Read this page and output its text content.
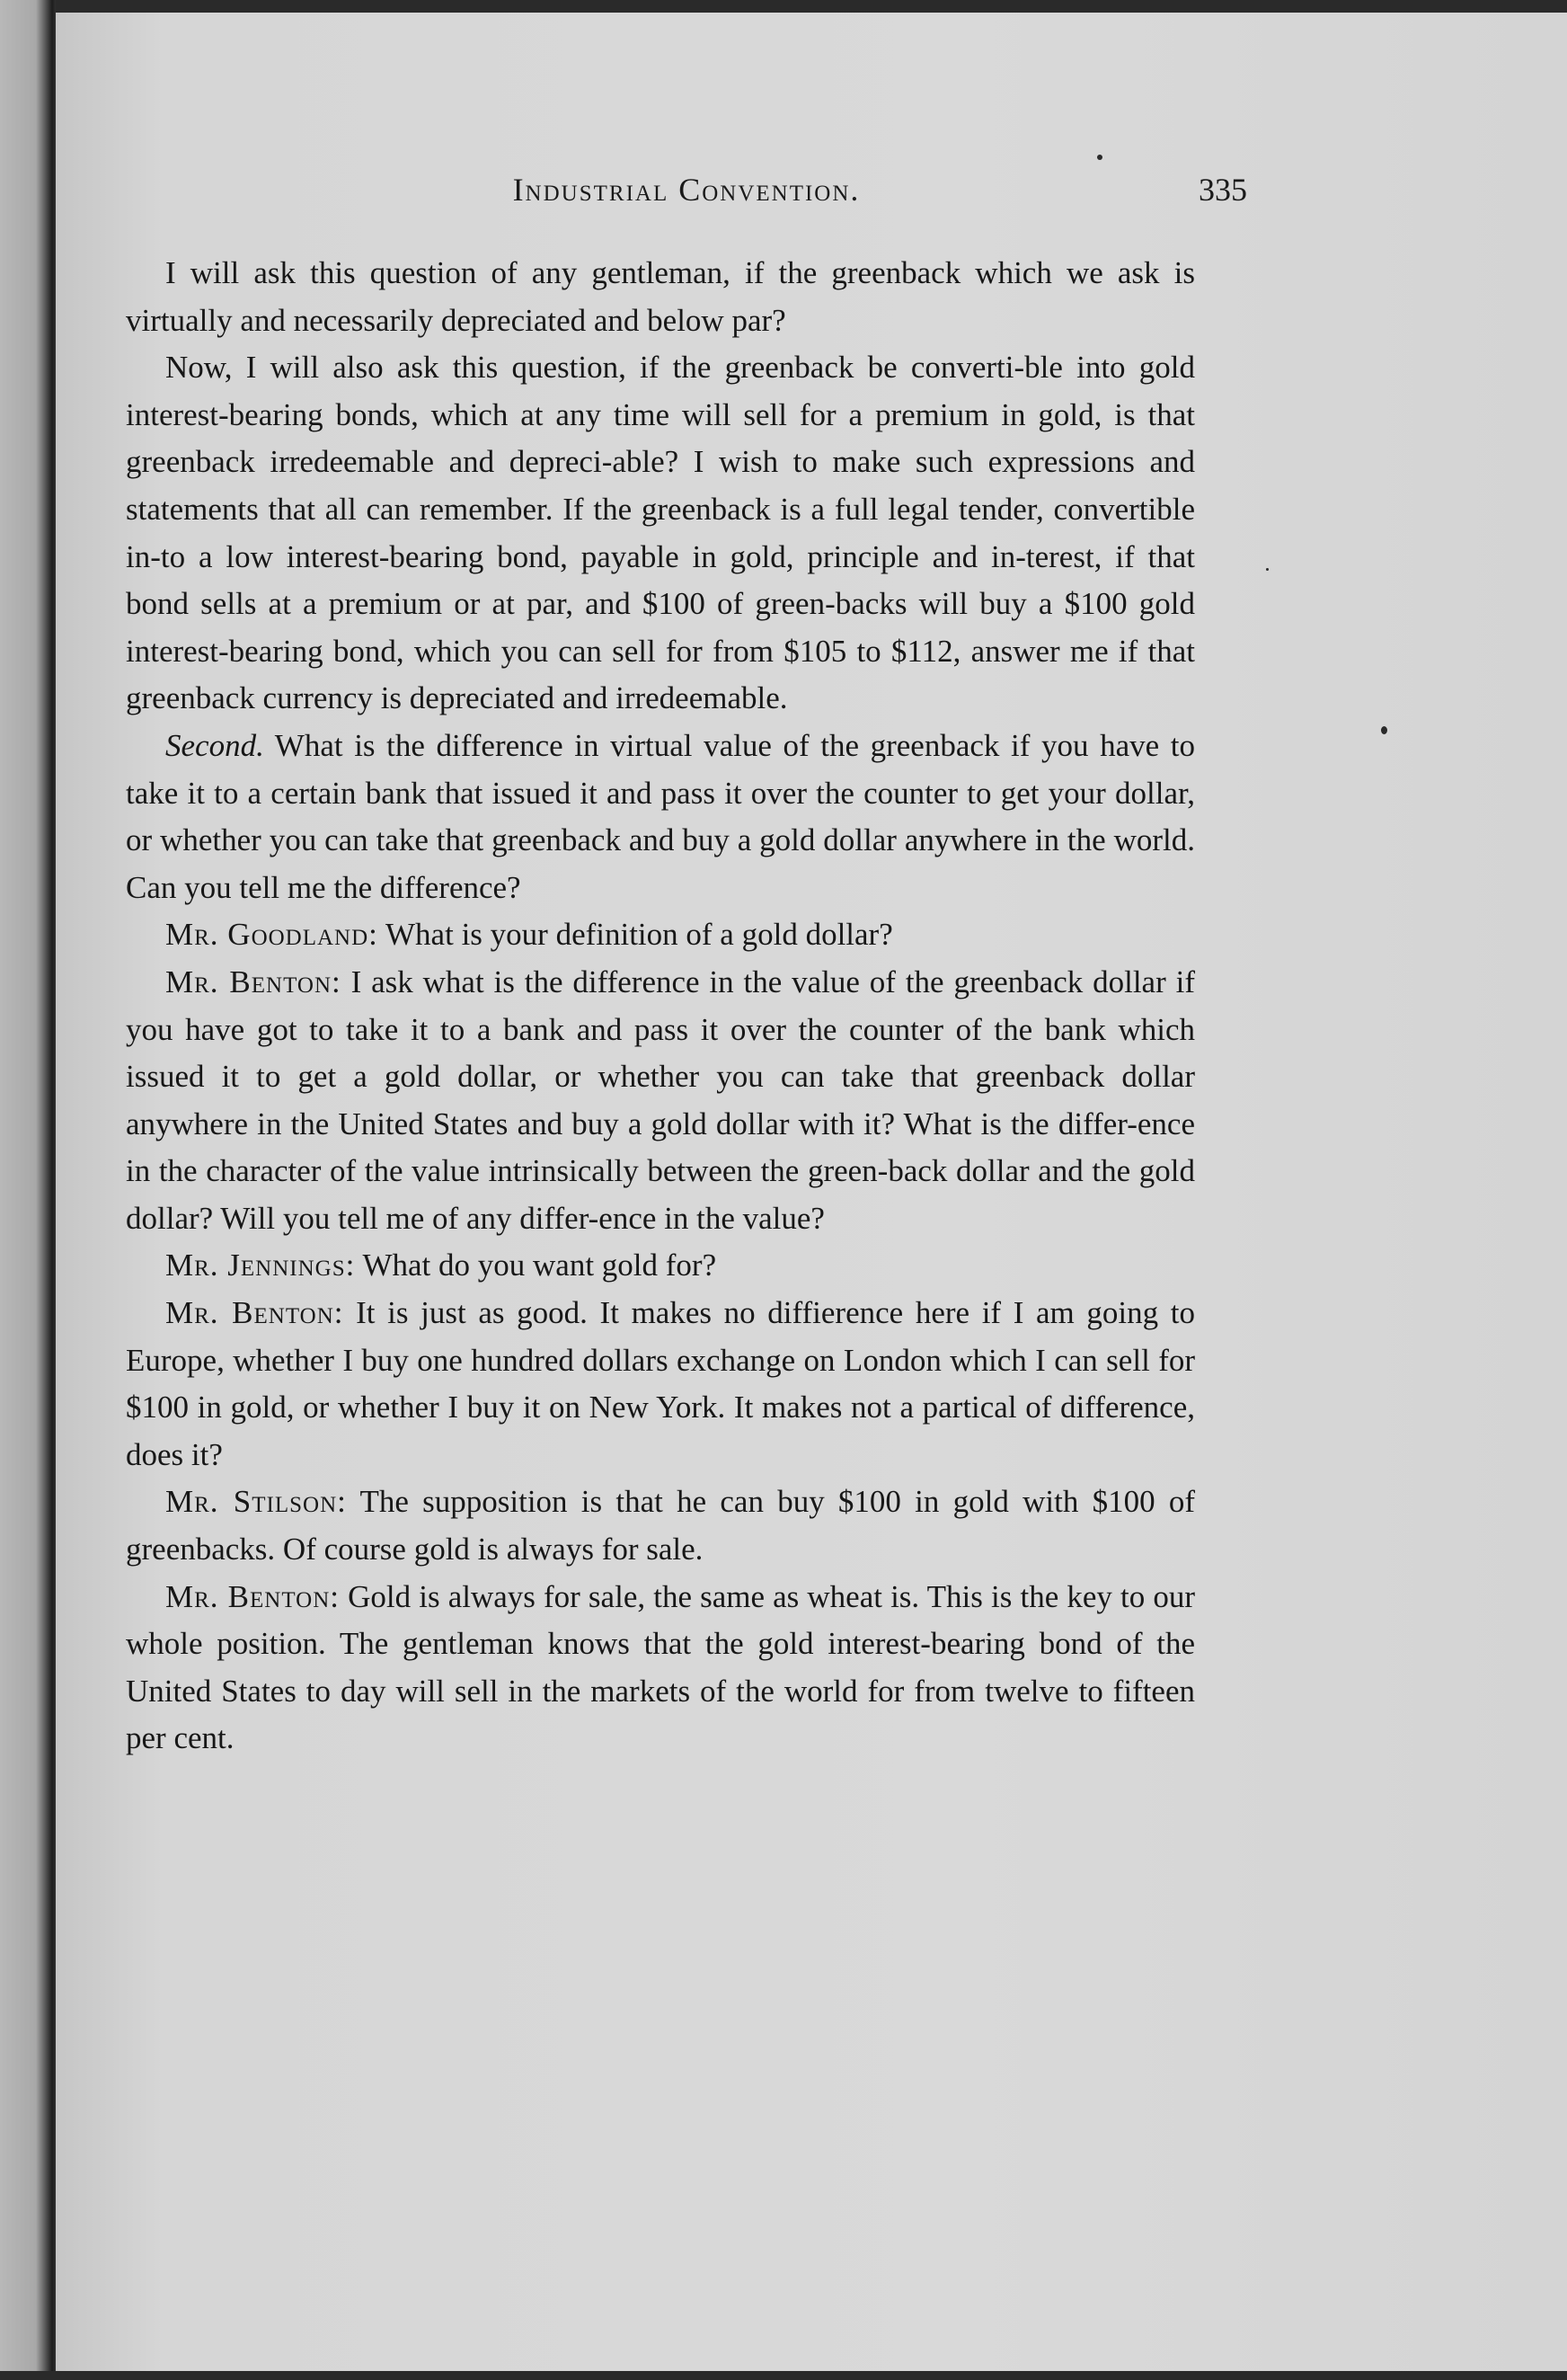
Industrial Convention.	335

I will ask this question of any gentleman, if the greenback which we ask is virtually and necessarily depreciated and below par?

Now, I will also ask this question, if the greenback be converti-ble into gold interest-bearing bonds, which at any time will sell for a premium in gold, is that greenback irredeemable and depreci-able? I wish to make such expressions and statements that all can remember. If the greenback is a full legal tender, convertible in-to a low interest-bearing bond, payable in gold, principle and in-terest, if that bond sells at a premium or at par, and $100 of green-backs will buy a $100 gold interest-bearing bond, which you can sell for from $105 to $112, answer me if that greenback currency is depreciated and irredeemable.

Second. What is the difference in virtual value of the greenback if you have to take it to a certain bank that issued it and pass it over the counter to get your dollar, or whether you can take that greenback and buy a gold dollar anywhere in the world. Can you tell me the difference?

Mr. Goodland: What is your definition of a gold dollar?

Mr. Benton: I ask what is the difference in the value of the greenback dollar if you have got to take it to a bank and pass it over the counter of the bank which issued it to get a gold dollar, or whether you can take that greenback dollar anywhere in the United States and buy a gold dollar with it? What is the differ-ence in the character of the value intrinsically between the green-back dollar and the gold dollar? Will you tell me of any differ-ence in the value?

Mr. Jennings: What do you want gold for?

Mr. Benton: It is just as good. It makes no diffierence here if I am going to Europe, whether I buy one hundred dollars exchange on London which I can sell for $100 in gold, or whether I buy it on New York. It makes not a partical of difference, does it?

Mr. Stilson: The supposition is that he can buy $100 in gold with $100 of greenbacks. Of course gold is always for sale.

Mr. Benton: Gold is always for sale, the same as wheat is. This is the key to our whole position. The gentleman knows that the gold interest-bearing bond of the United States to day will sell in the markets of the world for from twelve to fifteen per cent.
